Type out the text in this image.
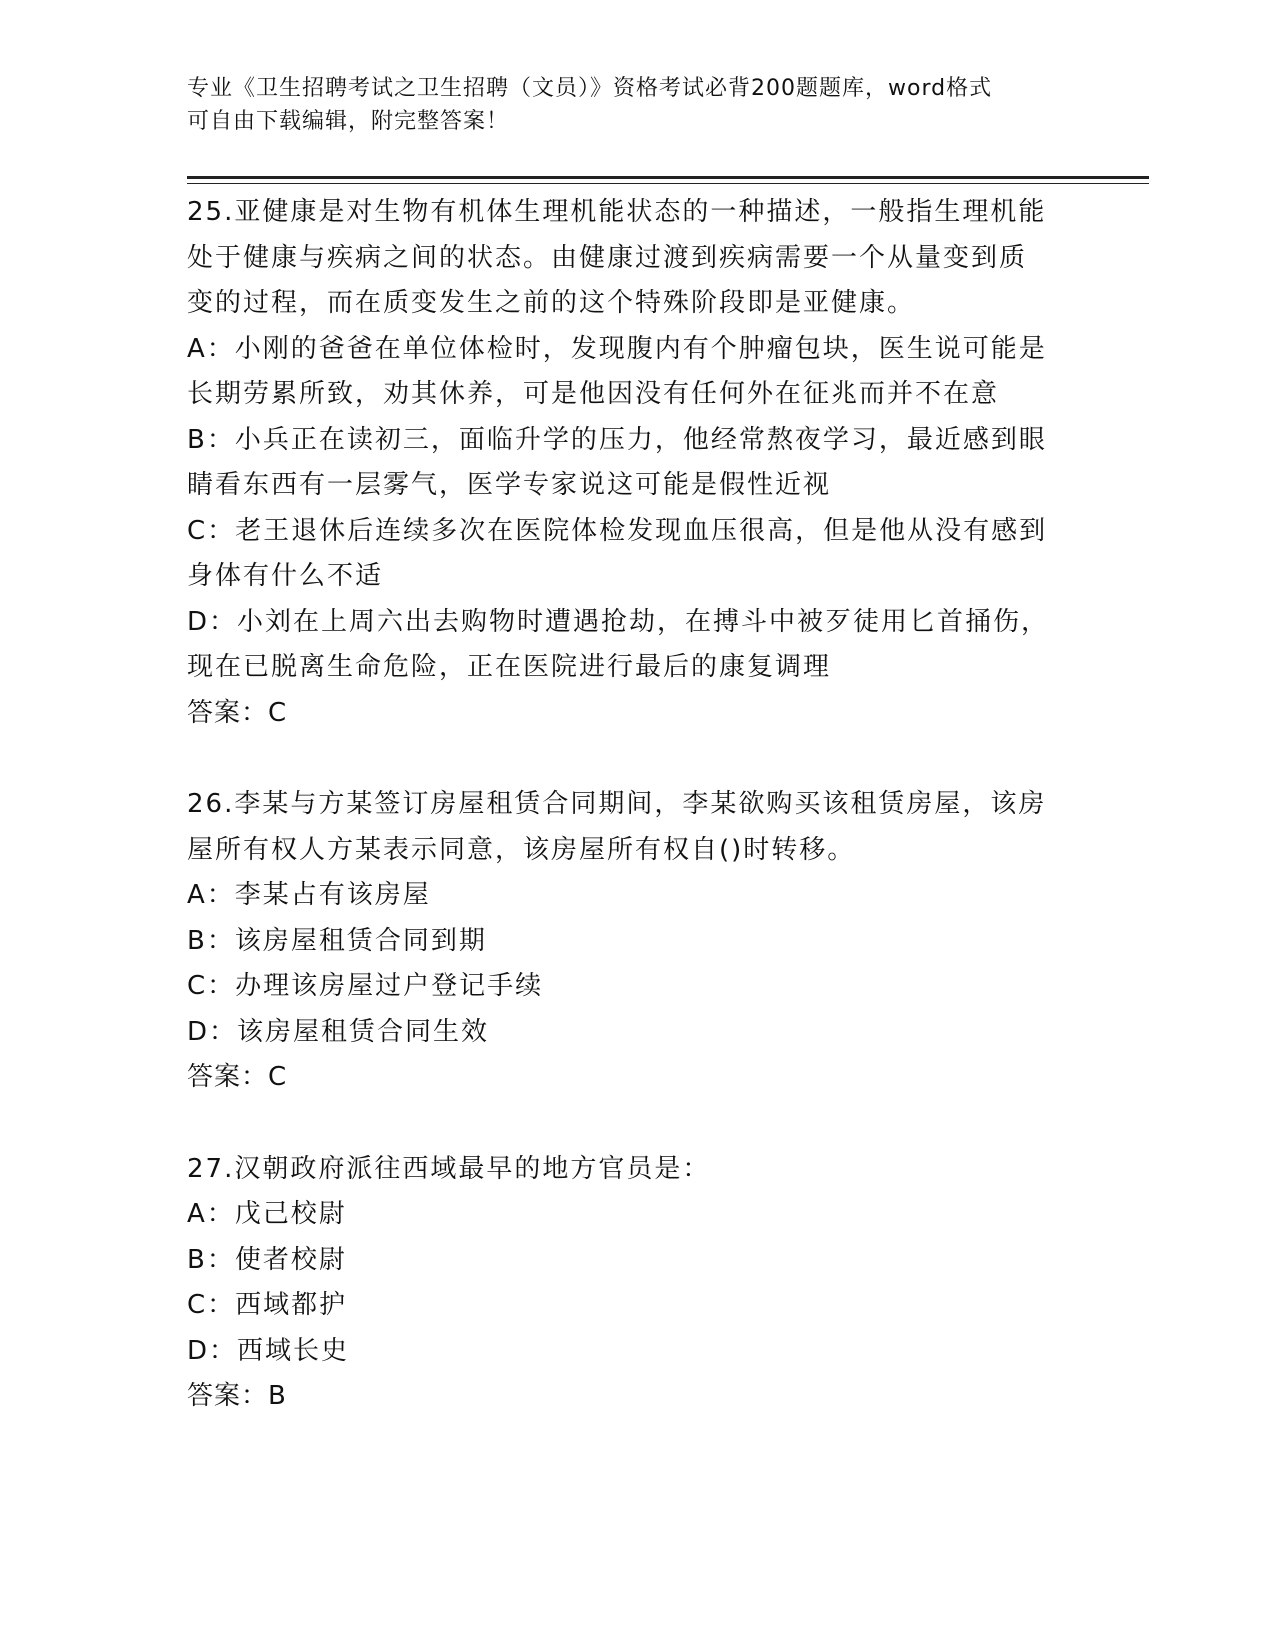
专业《卫生招聘考试之卫生招聘（文员）》资格考试必背200题题库，word格式
可自由下载编辑，附完整答案！
25.亚健康是对生物有机体生理机能状态的一种描述，一般指生理机能
处于健康与疾病之间的状态。由健康过渡到疾病需要一个从量变到质
变的过程，而在质变发生之前的这个特殊阶段即是亚健康。
A：小刚的爸爸在单位体检时，发现腹内有个肿瘤包块，医生说可能是
长期劳累所致，劝其休养，可是他因没有任何外在征兆而并不在意
B：小兵正在读初三，面临升学的压力，他经常熬夜学习，最近感到眼
睛看东西有一层雾气，医学专家说这可能是假性近视
C：老王退休后连续多次在医院体检发现血压很高，但是他从没有感到
身体有什么不适
D：小刘在上周六出去购物时遭遇抢劫，在搏斗中被歹徒用匕首捅伤，
现在已脱离生命危险，正在医院进行最后的康复调理
答案：C
26.李某与方某签订房屋租赁合同期间，李某欲购买该租赁房屋，该房
屋所有权人方某表示同意，该房屋所有权自()时转移。
A：李某占有该房屋
B：该房屋租赁合同到期
C：办理该房屋过户登记手续
D：该房屋租赁合同生效
答案：C
27.汉朝政府派往西域最早的地方官员是：
A：戊己校尉
B：使者校尉
C：西域都护
D：西域长史
答案：B
